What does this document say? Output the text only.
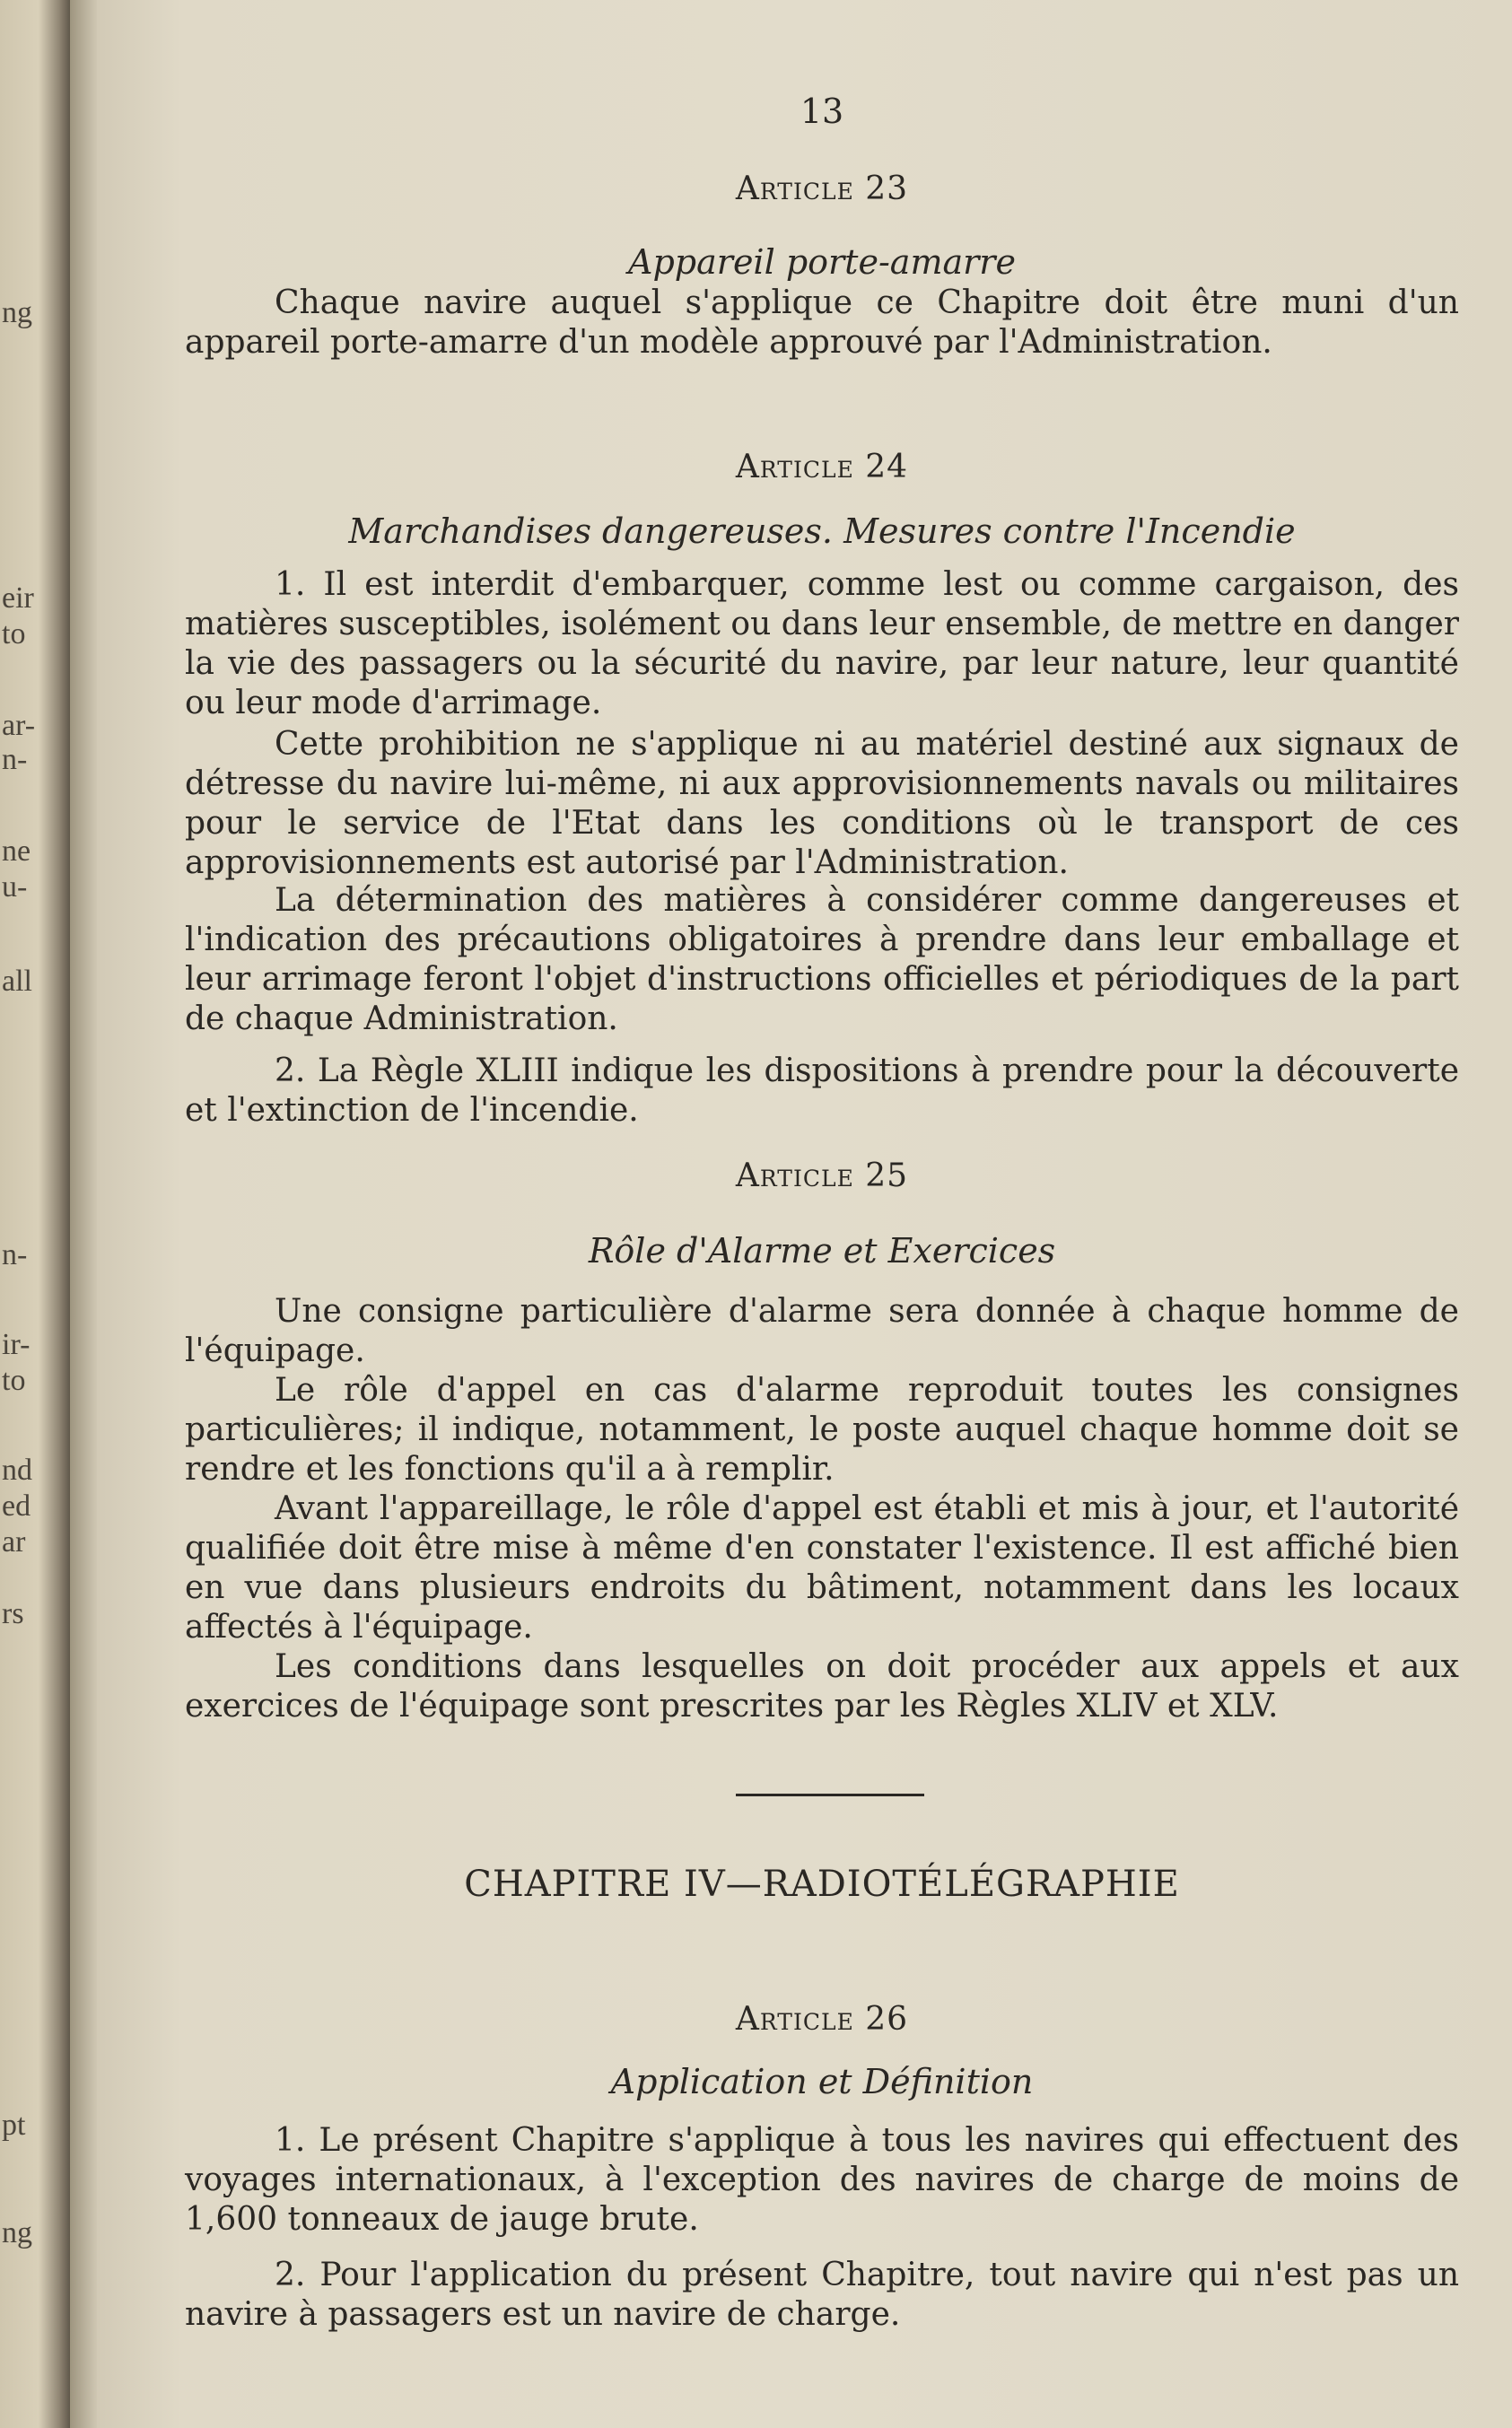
ng
eir
to
ar-
n-
ne
u-
all
n-
ir-
to
nd
ed
ar
rs
pt
ng
13
Article 23
Appareil porte-amarre

Chaque navire auquel s'applique ce Chapitre doit être muni d'un appareil porte-amarre d'un modèle approuvé par l'Administration.

Article 24
Marchandises dangereuses. Mesures contre l'Incendie

1. Il est interdit d'embarquer, comme lest ou comme cargaison, des matières susceptibles, isolément ou dans leur ensemble, de mettre en danger la vie des passagers ou la sécurité du navire, par leur nature, leur quantité ou leur mode d'arrimage.

Cette prohibition ne s'applique ni au matériel destiné aux signaux de détresse du navire lui-même, ni aux approvisionnements navals ou militaires pour le service de l'Etat dans les conditions où le transport de ces approvisionnements est autorisé par l'Administration.

La détermination des matières à considérer comme dangereuses et l'indication des précautions obligatoires à prendre dans leur emballage et leur arrimage feront l'objet d'instructions officielles et périodiques de la part de chaque Administration.

2. La Règle XLIII indique les dispositions à prendre pour la découverte et l'extinction de l'incendie.

Article 25
Rôle d'Alarme et Exercices

Une consigne particulière d'alarme sera donnée à chaque homme de l'équipage.

Le rôle d'appel en cas d'alarme reproduit toutes les consignes particulières; il indique, notamment, le poste auquel chaque homme doit se rendre et les fonctions qu'il a à remplir.

Avant l'appareillage, le rôle d'appel est établi et mis à jour, et l'autorité qualifiée doit être mise à même d'en constater l'existence. Il est affiché bien en vue dans plusieurs endroits du bâtiment, notamment dans les locaux affectés à l'équipage.

Les conditions dans lesquelles on doit procéder aux appels et aux exercices de l'équipage sont prescrites par les Règles XLIV et XLV.

CHAPITRE IV—RADIOTÉLÉGRAPHIE
Article 26
Application et Définition

1. Le présent Chapitre s'applique à tous les navires qui effectuent des voyages internationaux, à l'exception des navires de charge de moins de 1,600 tonneaux de jauge brute.

2. Pour l'application du présent Chapitre, tout navire qui n'est pas un navire à passagers est un navire de charge.
